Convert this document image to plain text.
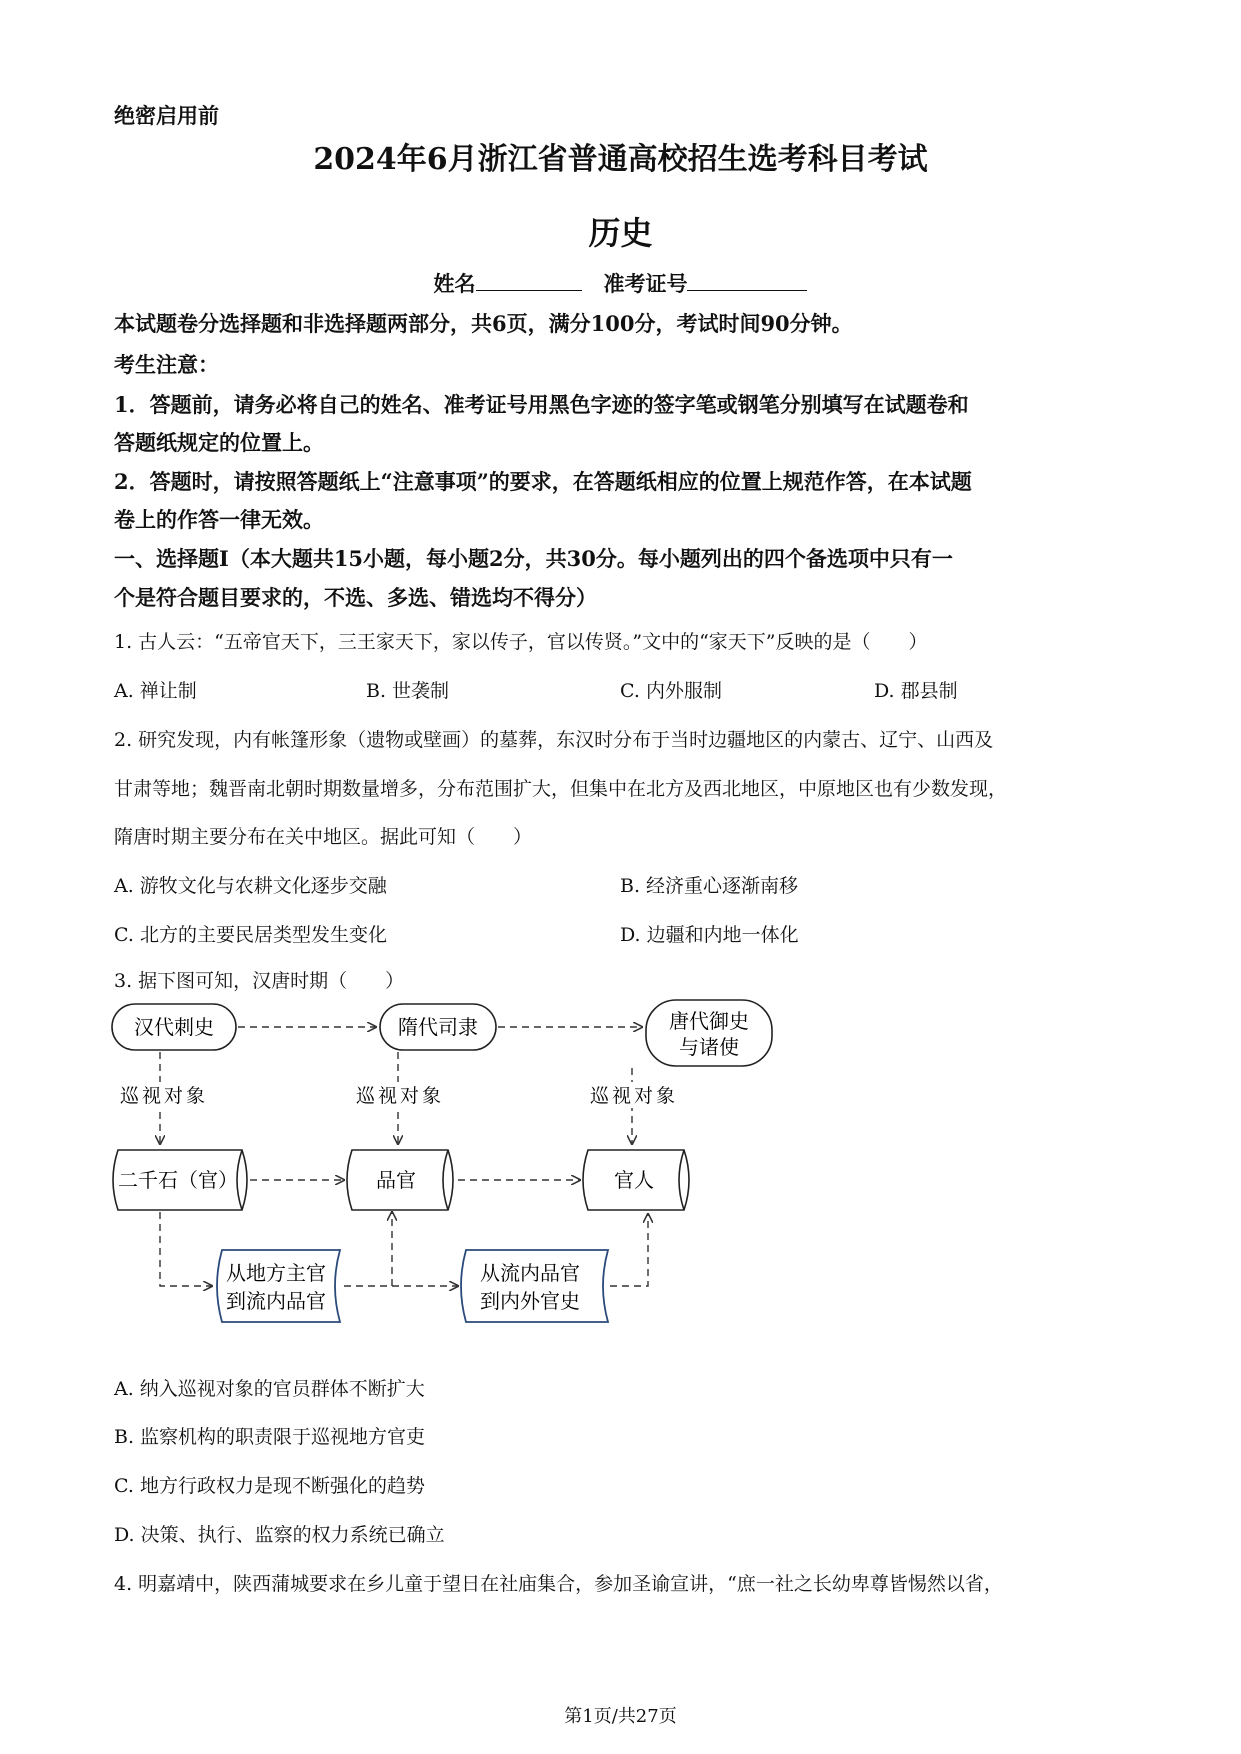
绝密启用前
2024年6月浙江省普通高校招生选考科目考试
历史
姓名	准考证号
本试题卷分选择题和非选择题两部分，共6页，满分100分，考试时间90分钟。
考生注意：
1．答题前，请务必将自己的姓名、准考证号用黑色字迹的签字笔或钢笔分别填写在试题卷和
答题纸规定的位置上。
2．答题时，请按照答题纸上“注意事项”的要求，在答题纸相应的位置上规范作答，在本试题
卷上的作答一律无效。
一、选择题Ⅰ（本大题共15小题，每小题2分，共30分。每小题列出的四个备选项中只有一
个是符合题目要求的，不选、多选、错选均不得分）
1. 古人云：“五帝官天下，三王家天下，家以传子，官以传贤。”文中的“家天下”反映的是（　　）
A. 禅让制	B. 世袭制	C. 内外服制	D. 郡县制
2. 研究发现，内有帐篷形象（遗物或壁画）的墓葬，东汉时分布于当时边疆地区的内蒙古、辽宁、山西及
甘肃等地；魏晋南北朝时期数量增多，分布范围扩大，但集中在北方及西北地区，中原地区也有少数发现，
隋唐时期主要分布在关中地区。据此可知（　　）
A. 游牧文化与农耕文化逐步交融	B. 经济重心逐渐南移
C. 北方的主要民居类型发生变化	D. 边疆和内地一体化
3. 据下图可知，汉唐时期（　　）
汉代刺史	隋代司隶	唐代御史
与诸使
巡视对象	巡视对象	巡视对象
二千石（官）	品官	官人
从地方主官
到流内品官
从流内品官
到内外官史
A. 纳入巡视对象的官员群体不断扩大
B. 监察机构的职责限于巡视地方官吏
C. 地方行政权力是现不断强化的趋势
D. 决策、执行、监察的权力系统已确立
4. 明嘉靖中，陕西蒲城要求在乡儿童于望日在社庙集合，参加圣谕宣讲，“庶一社之长幼卑尊皆惕然以省，
第1页/共27页
